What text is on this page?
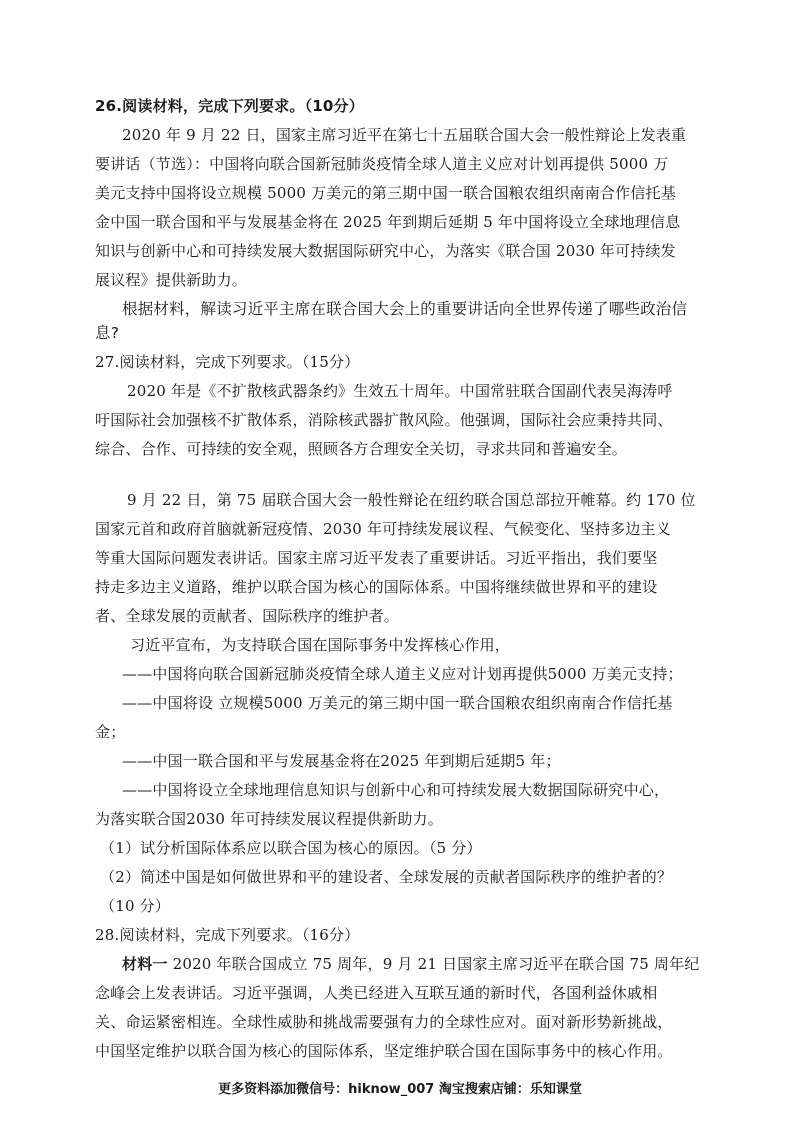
26.阅读材料，完成下列要求。（10分）
2020 年 9 月 22 日，国家主席习近平在第七十五届联合国大会一般性辩论上发表重
要讲话（节选）：中国将向联合国新冠肺炎疫情全球人道主义应对计划再提供 5000 万
美元支持中国将设立规模 5000 万美元的第三期中国一联合国粮农组织南南合作信托基
金中国一联合国和平与发展基金将在 2025 年到期后延期 5 年中国将设立全球地理信息
知识与创新中心和可持续发展大数据国际研究中心，为落实《联合国 2030 年可持续发
展议程》提供新助力。
根据材料，解读习近平主席在联合国大会上的重要讲话向全世界传递了哪些政治信
息?
27.阅读材料，完成下列要求。（15分）
2020 年是《不扩散核武器条约》生效五十周年。中国常驻联合国副代表吴海涛呼
吁国际社会加强核不扩散体系，消除核武器扩散风险。他强调，国际社会应秉持共同、
综合、合作、可持续的安全观，照顾各方合理安全关切，寻求共同和普遍安全。
9 月 22 日，第 75 届联合国大会一般性辩论在纽约联合国总部拉开帷幕。约 170 位
国家元首和政府首脑就新冠疫情、2030 年可持续发展议程、气候变化、坚持多边主义
等重大国际问题发表讲话。国家主席习近平发表了重要讲话。习近平指出，我们要坚
持走多边主义道路，维护以联合国为核心的国际体系。中国将继续做世界和平的建设
者、全球发展的贡献者、国际秩序的维护者。
习近平宣布，为支持联合国在国际事务中发挥核心作用，
——中国将向联合国新冠肺炎疫情全球人道主义应对计划再提供5000 万美元支持；
——中国将设 立规模5000 万美元的第三期中国一联合国粮农组织南南合作信托基
金；
——中国一联合国和平与发展基金将在2025 年到期后延期5 年；
——中国将设立全球地理信息知识与创新中心和可持续发展大数据国际研究中心，
为落实联合国2030 年可持续发展议程提供新助力。
（1）试分析国际体系应以联合国为核心的原因。（5 分）
（2）简述中国是如何做世界和平的建设者、全球发展的贡献者国际秩序的维护者的？
（10 分）
28.阅读材料，完成下列要求。（16分）
材料一 2020 年联合国成立 75 周年，9 月 21 日国家主席习近平在联合国 75 周年纪
念峰会上发表讲话。习近平强调，人类已经进入互联互通的新时代，各国利益休戚相
关、命运紧密相连。全球性威胁和挑战需要强有力的全球性应对。面对新形势新挑战，
中国坚定维护以联合国为核心的国际体系，坚定维护联合国在国际事务中的核心作用。
更多资料添加微信号：hiknow_007 淘宝搜索店铺：乐知课堂
